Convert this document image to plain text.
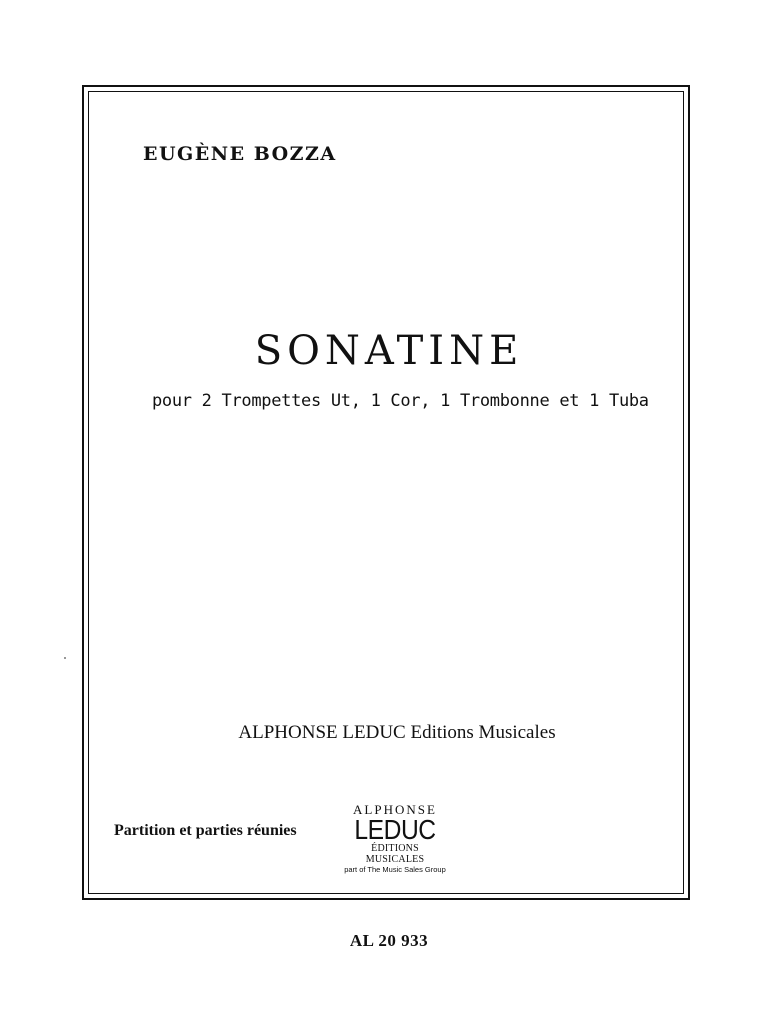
EUGÈNE BOZZA
SONATINE
pour 2 Trompettes Ut, 1 Cor, 1 Trombonne et 1 Tuba
ALPHONSE LEDUC Editions Musicales
Partition et parties réunies
ALPHONSE
LEDUC
ÉDITIONS MUSICALES
part of The Music Sales Group
AL 20 933
